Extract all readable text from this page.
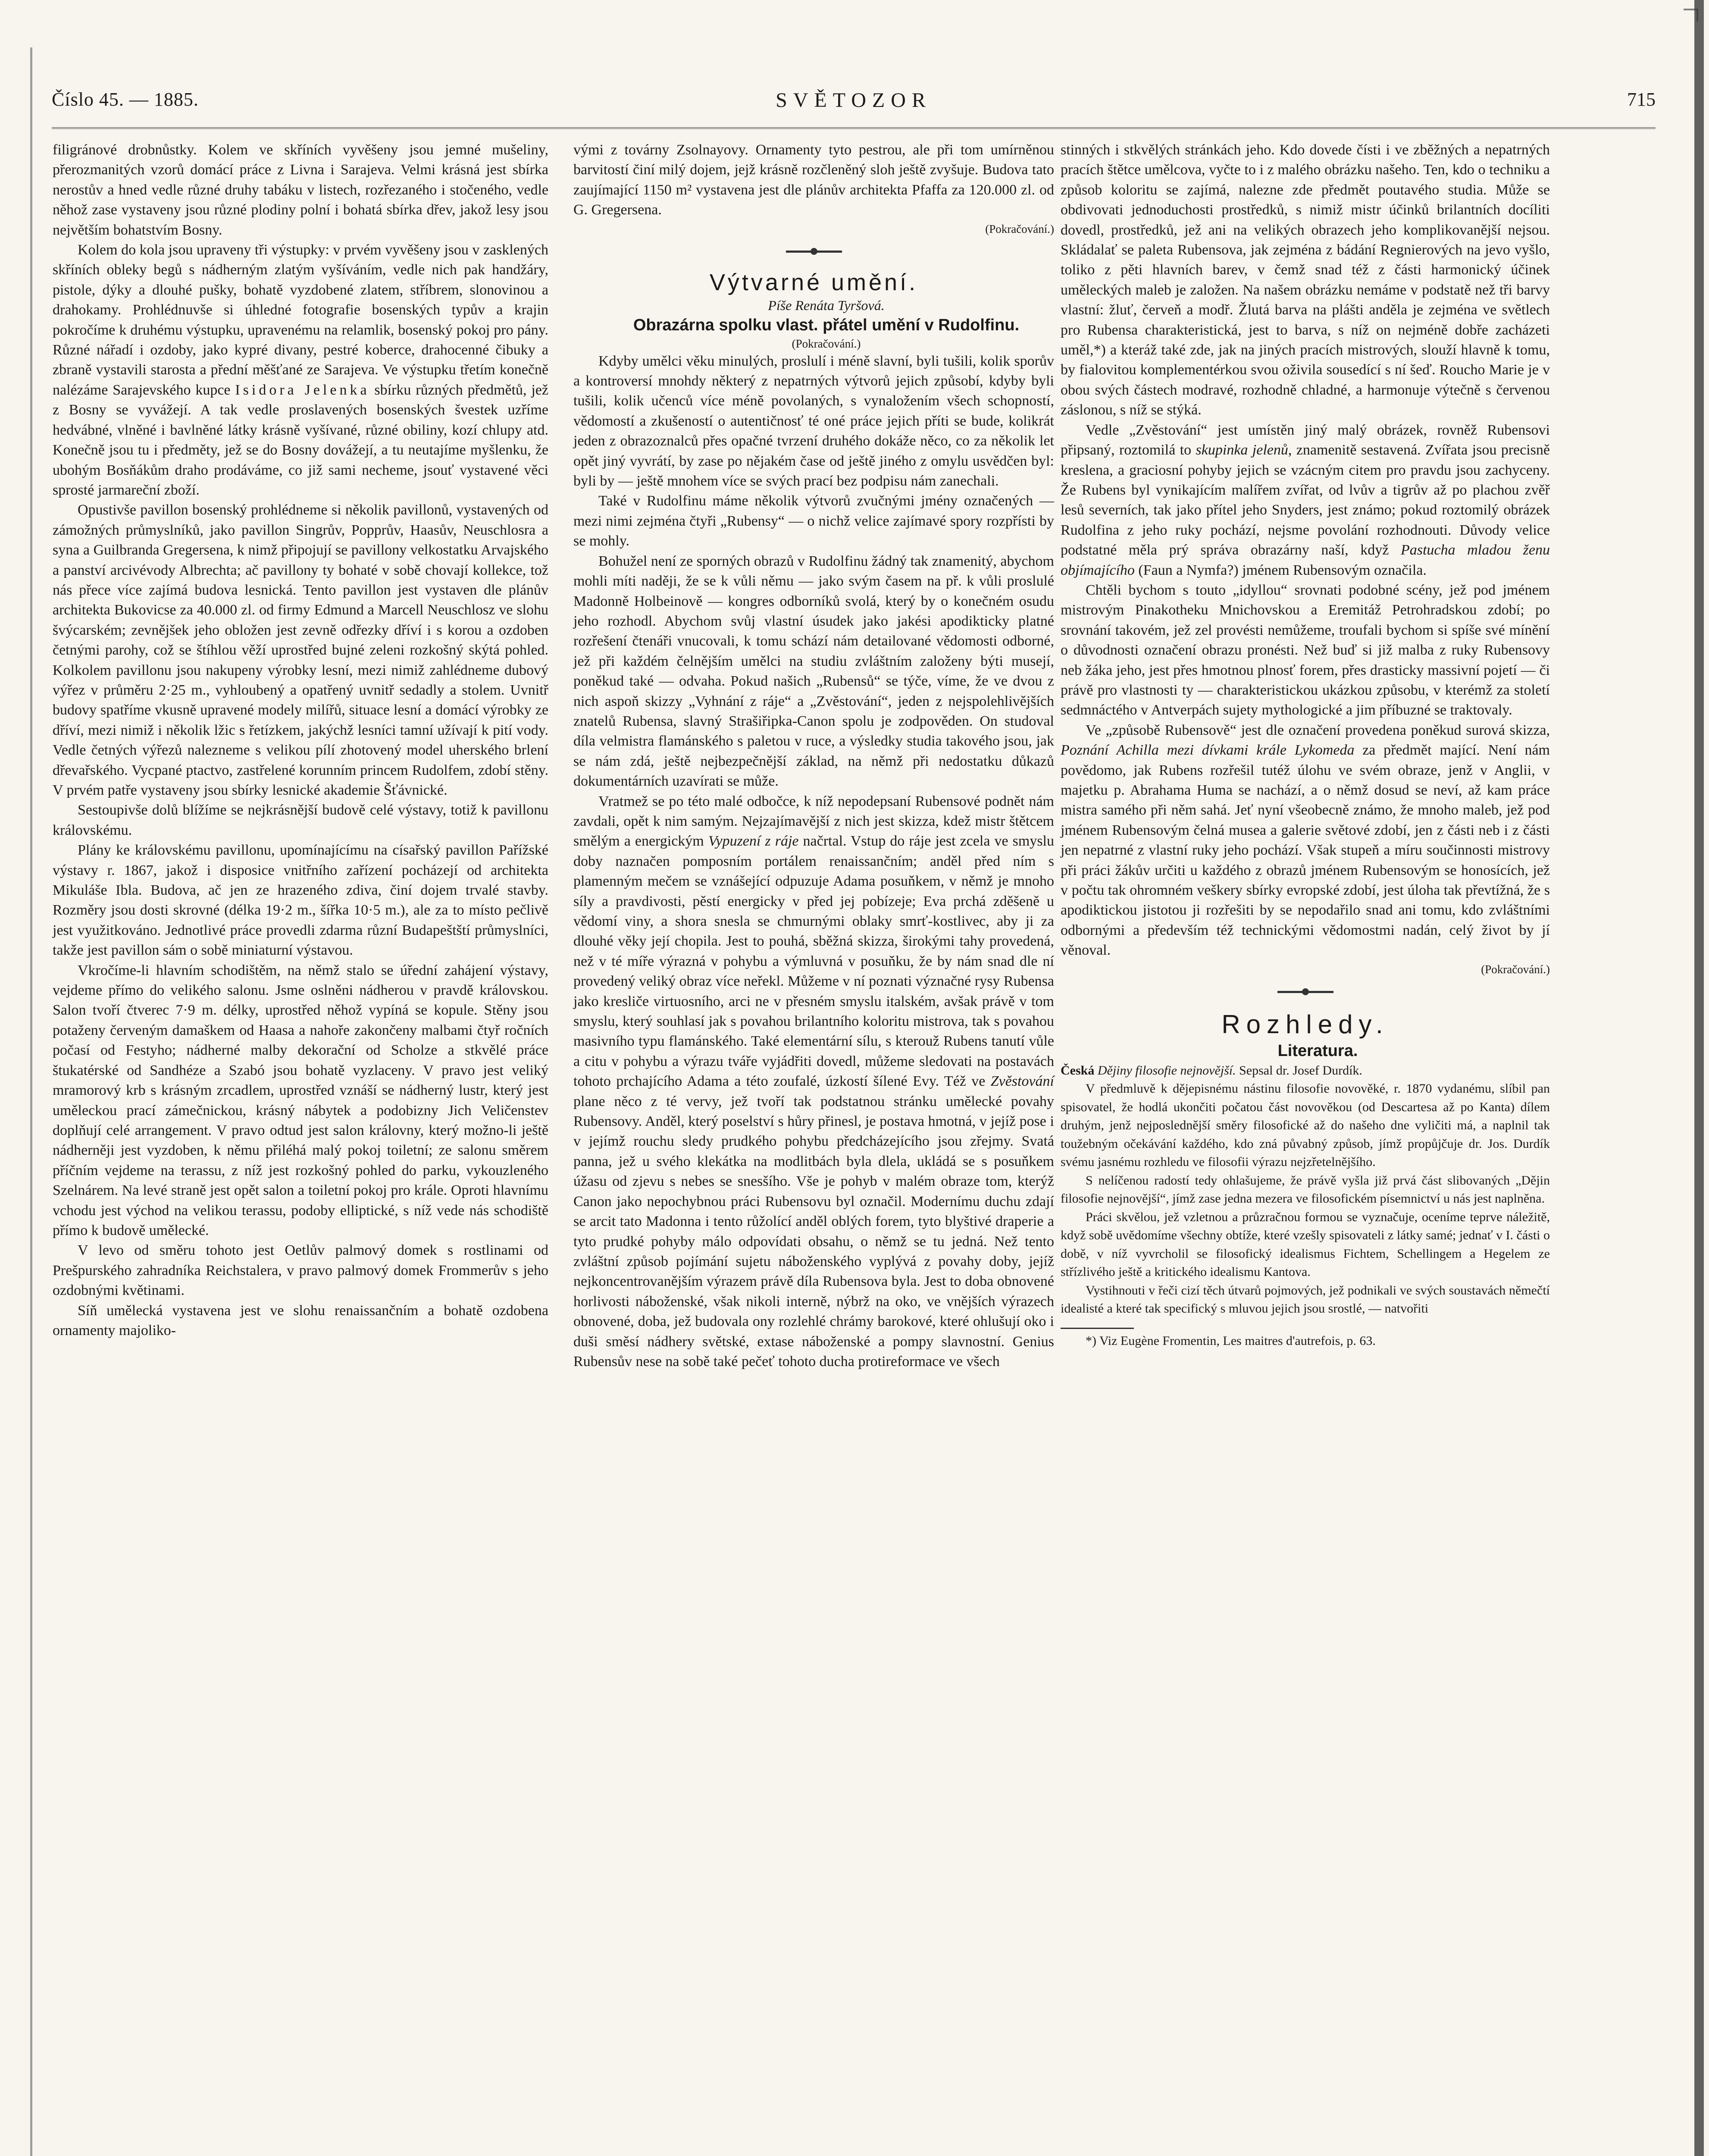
Číslo 45. — 1885.	SVĚTOZOR	715

filigránové drobnůstky. Kolem ve skříních vyvěšeny jsou jemné mušeliny, přerozmanitých vzorů domácí práce z Livna i Sarajeva. Velmi krásná jest sbírka nerostův a hned vedle různé druhy tabáku v listech, rozřezaného i stočeného, vedle něhož zase vystaveny jsou různé plodiny polní i bohatá sbírka dřev, jakož lesy jsou největším bohatstvím Bosny.

Kolem do kola jsou upraveny tři výstupky: v prvém vyvěšeny jsou v zasklených skříních obleky begů s nádherným zlatým vyšíváním, vedle nich pak handžáry, pistole, dýky a dlouhé pušky, bohatě vyzdobené zlatem, stříbrem, slonovinou a drahokamy. Prohlédnuvše si úhledné fotografie bosenských typův a krajin pokročíme k druhému výstupku, upravenému na relamlik, bosenský pokoj pro pány. Různé nářadí i ozdoby, jako kypré divany, pestré koberce, drahocenné čibuky a zbraně vystavili starosta a přední měšťané ze Sarajeva. Ve výstupku třetím konečně nalézáme Sarajevského kupce Isidora Jelenka sbírku různých předmětů, jež z Bosny se vyvážejí. A tak vedle proslavených bosenských švestek uzříme hedvábné, vlněné i bavlněné látky krásně vyšívané, různé obiliny, kozí chlupy atd. Konečně jsou tu i předměty, jež se do Bosny dovážejí, a tu neutajíme myšlenku, že ubohým Bosňákům draho prodáváme, co již sami necheme, jsouť vystavené věci sprosté jarmareční zboží.

Opustivše pavillon bosenský prohlédneme si několik pavillonů, vystavených od zámožných průmyslníků, jako pavillon Singrův, Popprův, Haasův, Neuschlosra a syna a Guilbranda Gregersena, k nimž připojují se pavillony velkostatku Arvajského a panství arcivévody Albrechta; ač pavillony ty bohaté v sobě chovají kollekce, tož nás přece více zajímá budova lesnická. Tento pavillon jest vystaven dle plánův architekta Bukovicse za 40.000 zl. od firmy Edmund a Marcell Neuschlosz ve slohu švýcarském; zevnějšek jeho obložen jest zevně odřezky dříví i s korou a ozdoben četnými parohy, což se štíhlou věží uprostřed bujné zeleni rozkošný skýtá pohled. Kolkolem pavillonu jsou nakupeny výrobky lesní, mezi nimiž zahlédneme dubový výřez v průměru 2·25 m., vyhloubený a opatřený uvnitř sedadly a stolem. Uvnitř budovy spatříme vkusně upravené modely milířů, situace lesní a domácí výrobky ze dříví, mezi nimiž i několik lžic s řetízkem, jakýchž lesníci tamní užívají k pití vody. Vedle četných výřezů nalezneme s velikou pílí zhotovený model uherského brlení dřevařského. Vycpané ptactvo, zastřelené korunním princem Rudolfem, zdobí stěny. V prvém patře vystaveny jsou sbírky lesnické akademie Šťávnické.

Sestoupivše dolů blížíme se nejkrásnější budově celé výstavy, totiž k pavillonu královskému.

Plány ke královskému pavillonu, upomínajícímu na císařský pavillon Pařížské výstavy r. 1867, jakož i disposice vnitřního zařízení pocházejí od architekta Mikuláše Ibla. Budova, ač jen ze hrazeného zdiva, činí dojem trvalé stavby. Rozměry jsou dosti skrovné (délka 19·2 m., šířka 10·5 m.), ale za to místo pečlivě jest využitkováno. Jednotlivé práce provedli zdarma různí Budapeštští průmyslníci, takže jest pavillon sám o sobě miniaturní výstavou.

Vkročíme-li hlavním schodištěm, na němž stalo se úřední zahájení výstavy, vejdeme přímo do velikého salonu. Jsme oslněni nádherou v pravdě královskou. Salon tvoří čtverec 7·9 m. délky, uprostřed něhož vypíná se kopule. Stěny jsou potaženy červeným damaškem od Haasa a nahoře zakončeny malbami čtyř ročních počasí od Festyho; nádherné malby dekorační od Scholze a stkvělé práce štukatérské od Sandhéze a Szabó jsou bohatě vyzlaceny. V pravo jest veliký mramorový krb s krásným zrcadlem, uprostřed vznáší se nádherný lustr, který jest uměleckou prací zámečnickou, krásný nábytek a podobizny Jich Veličenstev doplňují celé arrangement. V pravo odtud jest salon královny, který možno-li ještě nádherněji jest vyzdoben, k němu přiléhá malý pokoj toiletní; ze salonu směrem příčním vejdeme na terassu, z níž jest rozkošný pohled do parku, vykouzleného Szelnárem. Na levé straně jest opět salon a toiletní pokoj pro krále. Oproti hlavnímu vchodu jest východ na velikou terassu, podoby elliptické, s níž vede nás schodiště přímo k budově umělecké.

V levo od směru tohoto jest Oetlův palmový domek s rostlinami od Prešpurského zahradníka Reichstalera, v pravo palmový domek Frommerův s jeho ozdobnými květinami.

Síň umělecká vystavena jest ve slohu renaissančním a bohatě ozdobena ornamenty majoliko-

vými z továrny Zsolnayovy. Ornamenty tyto pestrou, ale při tom umírněnou barvitostí činí milý dojem, jejž krásně rozčleněný sloh ještě zvyšuje. Budova tato zaujímající 1150 m² vystavena jest dle plánův architekta Pfaffa za 120.000 zl. od G. Gregersena.

(Pokračování.)

Výtvarné umění.

Píše Renáta Tyršová.

Obrazárna spolku vlast. přátel umění v Rudolfinu.

(Pokračování.)

Kdyby umělci věku minulých, proslulí i méně slavní, byli tušili, kolik sporův a kontroversí mnohdy některý z nepatrných výtvorů jejich způsobí, kdyby byli tušili, kolik učenců více méně povolaných, s vynaložením všech schopností, vědomostí a zkušeností o autentičnosť té oné práce jejich příti se bude, kolikrát jeden z obrazoznalců přes opačné tvrzení druhého dokáže něco, co za několik let opět jiný vyvrátí, by zase po nějakém čase od ještě jiného z omylu usvědčen byl: byli by — ještě mnohem více se svých prací bez podpisu nám zanechali.

Také v Rudolfinu máme několik výtvorů zvučnými jmény označených — mezi nimi zejména čtyři „Rubensy“ — o nichž velice zajímavé spory rozpřísti by se mohly.

Bohužel není ze sporných obrazů v Rudolfinu žádný tak znamenitý, abychom mohli míti naději, že se k vůli němu — jako svým časem na př. k vůli proslulé Madonně Holbeinově — kongres odborníků svolá, který by o konečném osudu jeho rozhodl. Abychom svůj vlastní úsudek jako jakési apodikticky platné rozřešení čtenáři vnucovali, k tomu schází nám detailované vědomosti odborné, jež při každém čelnějším umělci na studiu zvláštním založeny býti musejí, poněkud také — odvaha. Pokud našich „Rubensů“ se týče, víme, že ve dvou z nich aspoň skizzy „Vyhnání z ráje“ a „Zvěstování“, jeden z nejspolehlivějších znatelů Rubensa, slavný Strašiřipka-Canon spolu je zodpověden. On studoval díla velmistra flamánského s paletou v ruce, a výsledky studia takového jsou, jak se nám zdá, ještě nejbezpečnější základ, na němž při nedostatku důkazů dokumentárních uzavírati se může.

Vratmež se po této malé odbočce, k níž nepodepsaní Rubensové podnět nám zavdali, opět k nim samým. Nejzajímavější z nich jest skizza, kdež mistr štětcem smělým a energickým Vypuzení z ráje načrtal. Vstup do ráje jest zcela ve smyslu doby naznačen pomposním portálem renaissančním; anděl před ním s plamenným mečem se vznášející odpuzuje Adama posuňkem, v němž je mnoho síly a pravdivosti, pěstí energicky v před jej pobízeje; Eva prchá zděšeně u vědomí viny, a shora snesla se chmurnými oblaky smrť-kostlivec, aby ji za dlouhé věky její chopila. Jest to pouhá, sběžná skizza, širokými tahy provedená, než v té míře výrazná v pohybu a výmluvná v posuňku, že by nám snad dle ní provedený veliký obraz více neřekl. Můžeme v ní poznati význačné rysy Rubensa jako kresliče virtuosního, arci ne v přesném smyslu italském, avšak právě v tom smyslu, který souhlasí jak s povahou brilantního koloritu mistrova, tak s povahou masivního typu flamánského. Také elementární sílu, s kterouž Rubens tanutí vůle a citu v pohybu a výrazu tváře vyjádřiti dovedl, můžeme sledovati na postavách tohoto prchajícího Adama a této zoufalé, úzkostí šílené Evy. Též ve Zvěstování plane něco z té vervy, jež tvoří tak podstatnou stránku umělecké povahy Rubensovy. Anděl, který poselství s hůry přinesl, je postava hmotná, v jejíž pose i v jejímž rouchu sledy prudkého pohybu předcházejícího jsou zřejmy. Svatá panna, jež u svého klekátka na modlitbách byla dlela, ukládá se s posuňkem úžasu od zjevu s nebes se snesšího. Vše je pohyb v malém obraze tom, kterýž Canon jako nepochybnou práci Rubensovu byl označil. Modernímu duchu zdají se arcit tato Madonna i tento růžolící anděl oblých forem, tyto blyštivé draperie a tyto prudké pohyby málo odpovídati obsahu, o němž se tu jedná. Než tento zvláštní způsob pojímání sujetu náboženského vyplývá z povahy doby, jejíž nejkoncentrovanějším výrazem právě díla Rubensova byla. Jest to doba obnovené horlivosti náboženské, však nikoli interně, nýbrž na oko, ve vnějších výrazech obnovené, doba, jež budovala ony rozlehlé chrámy barokové, které ohlušují oko i duši směsí nádhery světské, extase náboženské a pompy slavnostní. Genius Rubensův nese na sobě také pečeť tohoto ducha protireformace ve všech

stinných i stkvělých stránkách jeho. Kdo dovede čísti i ve zběžných a nepatrných pracích štětce umělcova, vyčte to i z malého obrázku našeho. Ten, kdo o techniku a způsob koloritu se zajímá, nalezne zde předmět poutavého studia. Může se obdivovati jednoduchosti prostředků, s nimiž mistr účinků brilantních docíliti dovedl, prostředků, jež ani na velikých obrazech jeho komplikovanější nejsou. Skládalať se paleta Rubensova, jak zejména z bádání Regnierových na jevo vyšlo, toliko z pěti hlavních barev, v čemž snad též z části harmonický účinek uměleckých maleb je založen. Na našem obrázku nemáme v podstatě než tři barvy vlastní: žluť, červeň a modř. Žlutá barva na plášti anděla je zejména ve světlech pro Rubensa charakteristická, jest to barva, s níž on nejméně dobře zacházeti uměl,*) a kteráž také zde, jak na jiných pracích mistrových, slouží hlavně k tomu, by fialovitou komplementérkou svou oživila sousedící s ní šeď. Roucho Marie je v obou svých částech modravé, rozhodně chladné, a harmonuje výtečně s červenou záslonou, s níž se stýká.

Vedle „Zvěstování“ jest umístěn jiný malý obrázek, rovněž Rubensovi připsaný, roztomilá to skupinka jelenů, znamenitě sestavená. Zvířata jsou precisně kreslena, a graciosní pohyby jejich se vzácným citem pro pravdu jsou zachyceny. Že Rubens byl vynikajícím malířem zvířat, od lvův a tigrův až po plachou zvěř lesů severních, tak jako přítel jeho Snyders, jest známo; pokud roztomilý obrázek Rudolfina z jeho ruky pochází, nejsme povolání rozhodnouti. Důvody velice podstatné měla prý správa obrazárny naší, když Pastucha mladou ženu objímajícího (Faun a Nymfa?) jménem Rubensovým označila.

Chtěli bychom s touto „idyllou“ srovnati podobné scény, jež pod jménem mistrovým Pinakotheku Mnichovskou a Eremitáž Petrohradskou zdobí; po srovnání takovém, jež zel provésti nemůžeme, troufali bychom si spíše své mínění o důvodnosti označení obrazu pronésti. Než buď si již malba z ruky Rubensovy neb žáka jeho, jest přes hmotnou plnosť forem, přes drasticky massivní pojetí — či právě pro vlastnosti ty — charakteristickou ukázkou způsobu, v kterémž za století sedmnáctého v Antverpách sujety mythologické a jim příbuzné se traktovaly.

Ve „způsobě Rubensově“ jest dle označení provedena poněkud surová skizza, Poznání Achilla mezi dívkami krále Lykomeda za předmět mající. Není nám povědomo, jak Rubens rozřešil tutéž úlohu ve svém obraze, jenž v Anglii, v majetku p. Abrahama Huma se nachází, a o němž dosud se neví, až kam práce mistra samého při něm sahá. Jeť nyní všeobecně známo, že mnoho maleb, jež pod jménem Rubensovým čelná musea a galerie světové zdobí, jen z části neb i z části jen nepatrné z vlastní ruky jeho pochází. Však stupeň a míru součinnosti mistrovy při práci žákův určiti u každého z obrazů jménem Rubensovým se honosících, jež v počtu tak ohromném veškery sbírky evropské zdobí, jest úloha tak převtížná, že s apodiktickou jistotou ji rozřešiti by se nepodařilo snad ani tomu, kdo zvláštními odbornými a především též technickými vědomostmi nadán, celý život by jí věnoval.

(Pokračování.)

Rozhledy.

Literatura.

Česká Dějiny filosofie nejnovější. Sepsal dr. Josef Durdík.

V předmluvě k dějepisnému nástinu filosofie novověké, r. 1870 vydanému, slíbil pan spisovatel, že hodlá ukončiti počatou část novověkou (od Descartesa až po Kanta) dílem druhým, jenž nejposlednější směry filosofické až do našeho dne vyličiti má, a naplnil tak toužebným očekávání každého, kdo zná půvabný způsob, jímž propůjčuje dr. Jos. Durdík svému jasnému rozhledu ve filosofii výrazu nejzřetelnějšího.

S nelíčenou radostí tedy ohlašujeme, že právě vyšla již prvá část slibovaných „Dějin filosofie nejnovější“, jímž zase jedna mezera ve filosofickém písemnictví u nás jest naplněna.

Práci skvělou, jež vzletnou a průzračnou formou se vyznačuje, oceníme teprve náležitě, když sobě uvědomíme všechny obtíže, které vzešly spisovateli z látky samé; jednať v I. části o době, v níž vyvrcholil se filosofický idealismus Fichtem, Schellingem a Hegelem ze střízlivého ještě a kritického idealismu Kantova.

Vystihnouti v řeči cizí těch útvarů pojmových, jež podnikali ve svých soustavách němečtí idealisté a které tak specifický s mluvou jejich jsou srostlé, — natvořiti

*) Viz Eugène Fromentin, Les maitres d'autrefois, p. 63.
